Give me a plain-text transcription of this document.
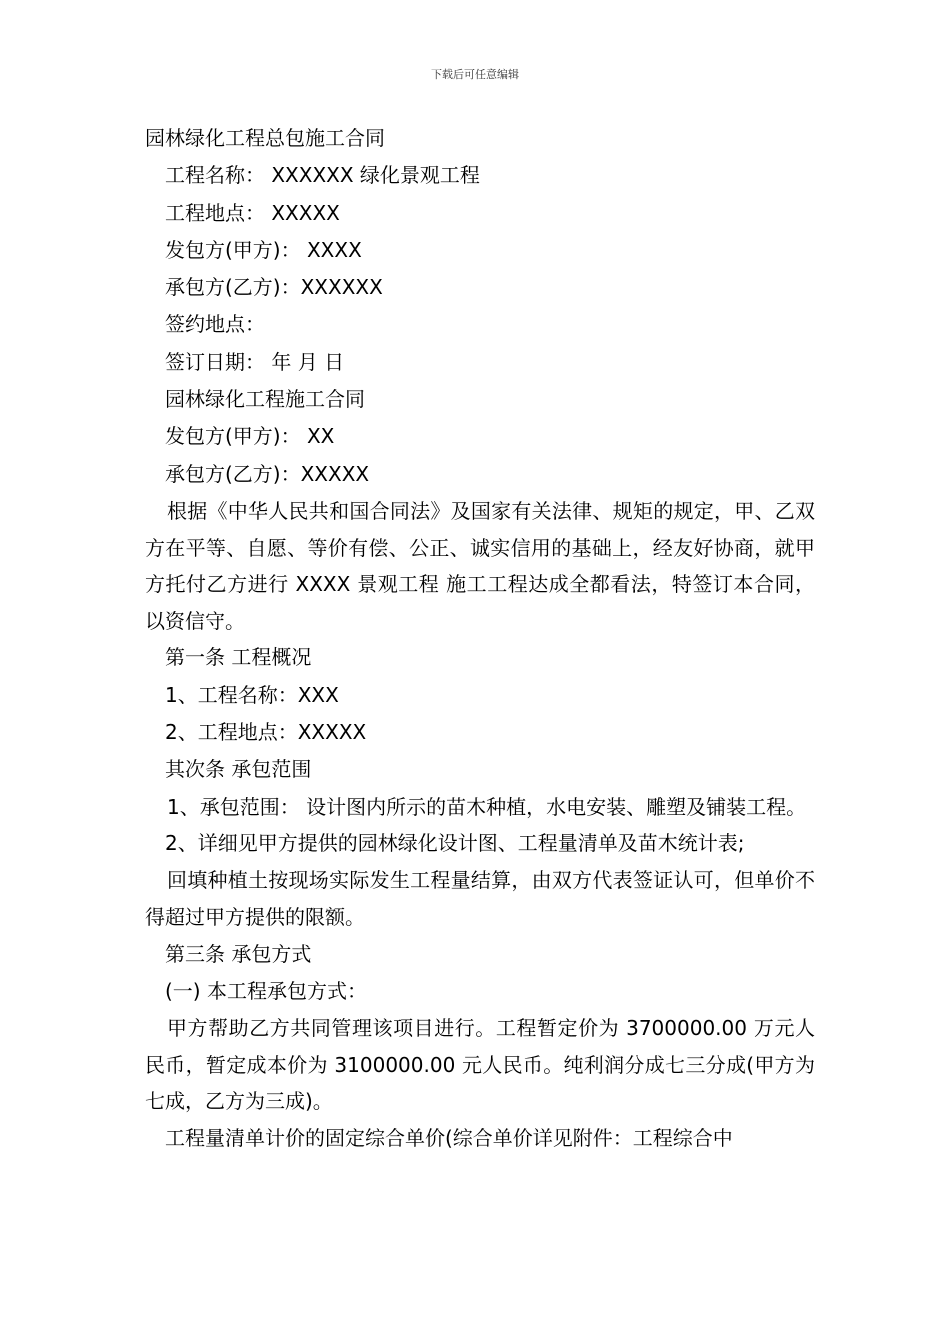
下载后可任意编辑
园林绿化工程总包施工合同
工程名称： XXXXXX 绿化景观工程
工程地点： XXXXX
发包方(甲方)： XXXX
承包方(乙方)：XXXXXX
签约地点：
签订日期： 年 月 日
园林绿化工程施工合同
发包方(甲方)： XX
承包方(乙方)：XXXXX

根据《中华人民共和国合同法》及国家有关法律、规矩的规定，甲、乙双方在平等、自愿、等价有偿、公正、诚实信用的基础上，经友好协商，就甲方托付乙方进行 XXXX 景观工程 施工工程达成全都看法，特签订本合同，以资信守。

第一条 工程概况
1、工程名称：XXX
2、工程地点：XXXXX
其次条 承包范围

1、承包范围： 设计图内所示的苗木种植，水电安装、雕塑及铺装工程。

2、详细见甲方提供的园林绿化设计图、工程量清单及苗木统计表;

回填种植土按现场实际发生工程量结算，由双方代表签证认可，但单价不得超过甲方提供的限额。

第三条 承包方式
(一) 本工程承包方式：

甲方帮助乙方共同管理该项目进行。工程暂定价为 3700000.00 万元人民币，暂定成本价为 3100000.00 元人民币。纯利润分成七三分成(甲方为七成，乙方为三成)。

工程量清单计价的固定综合单价(综合单价详见附件：工程综合中
